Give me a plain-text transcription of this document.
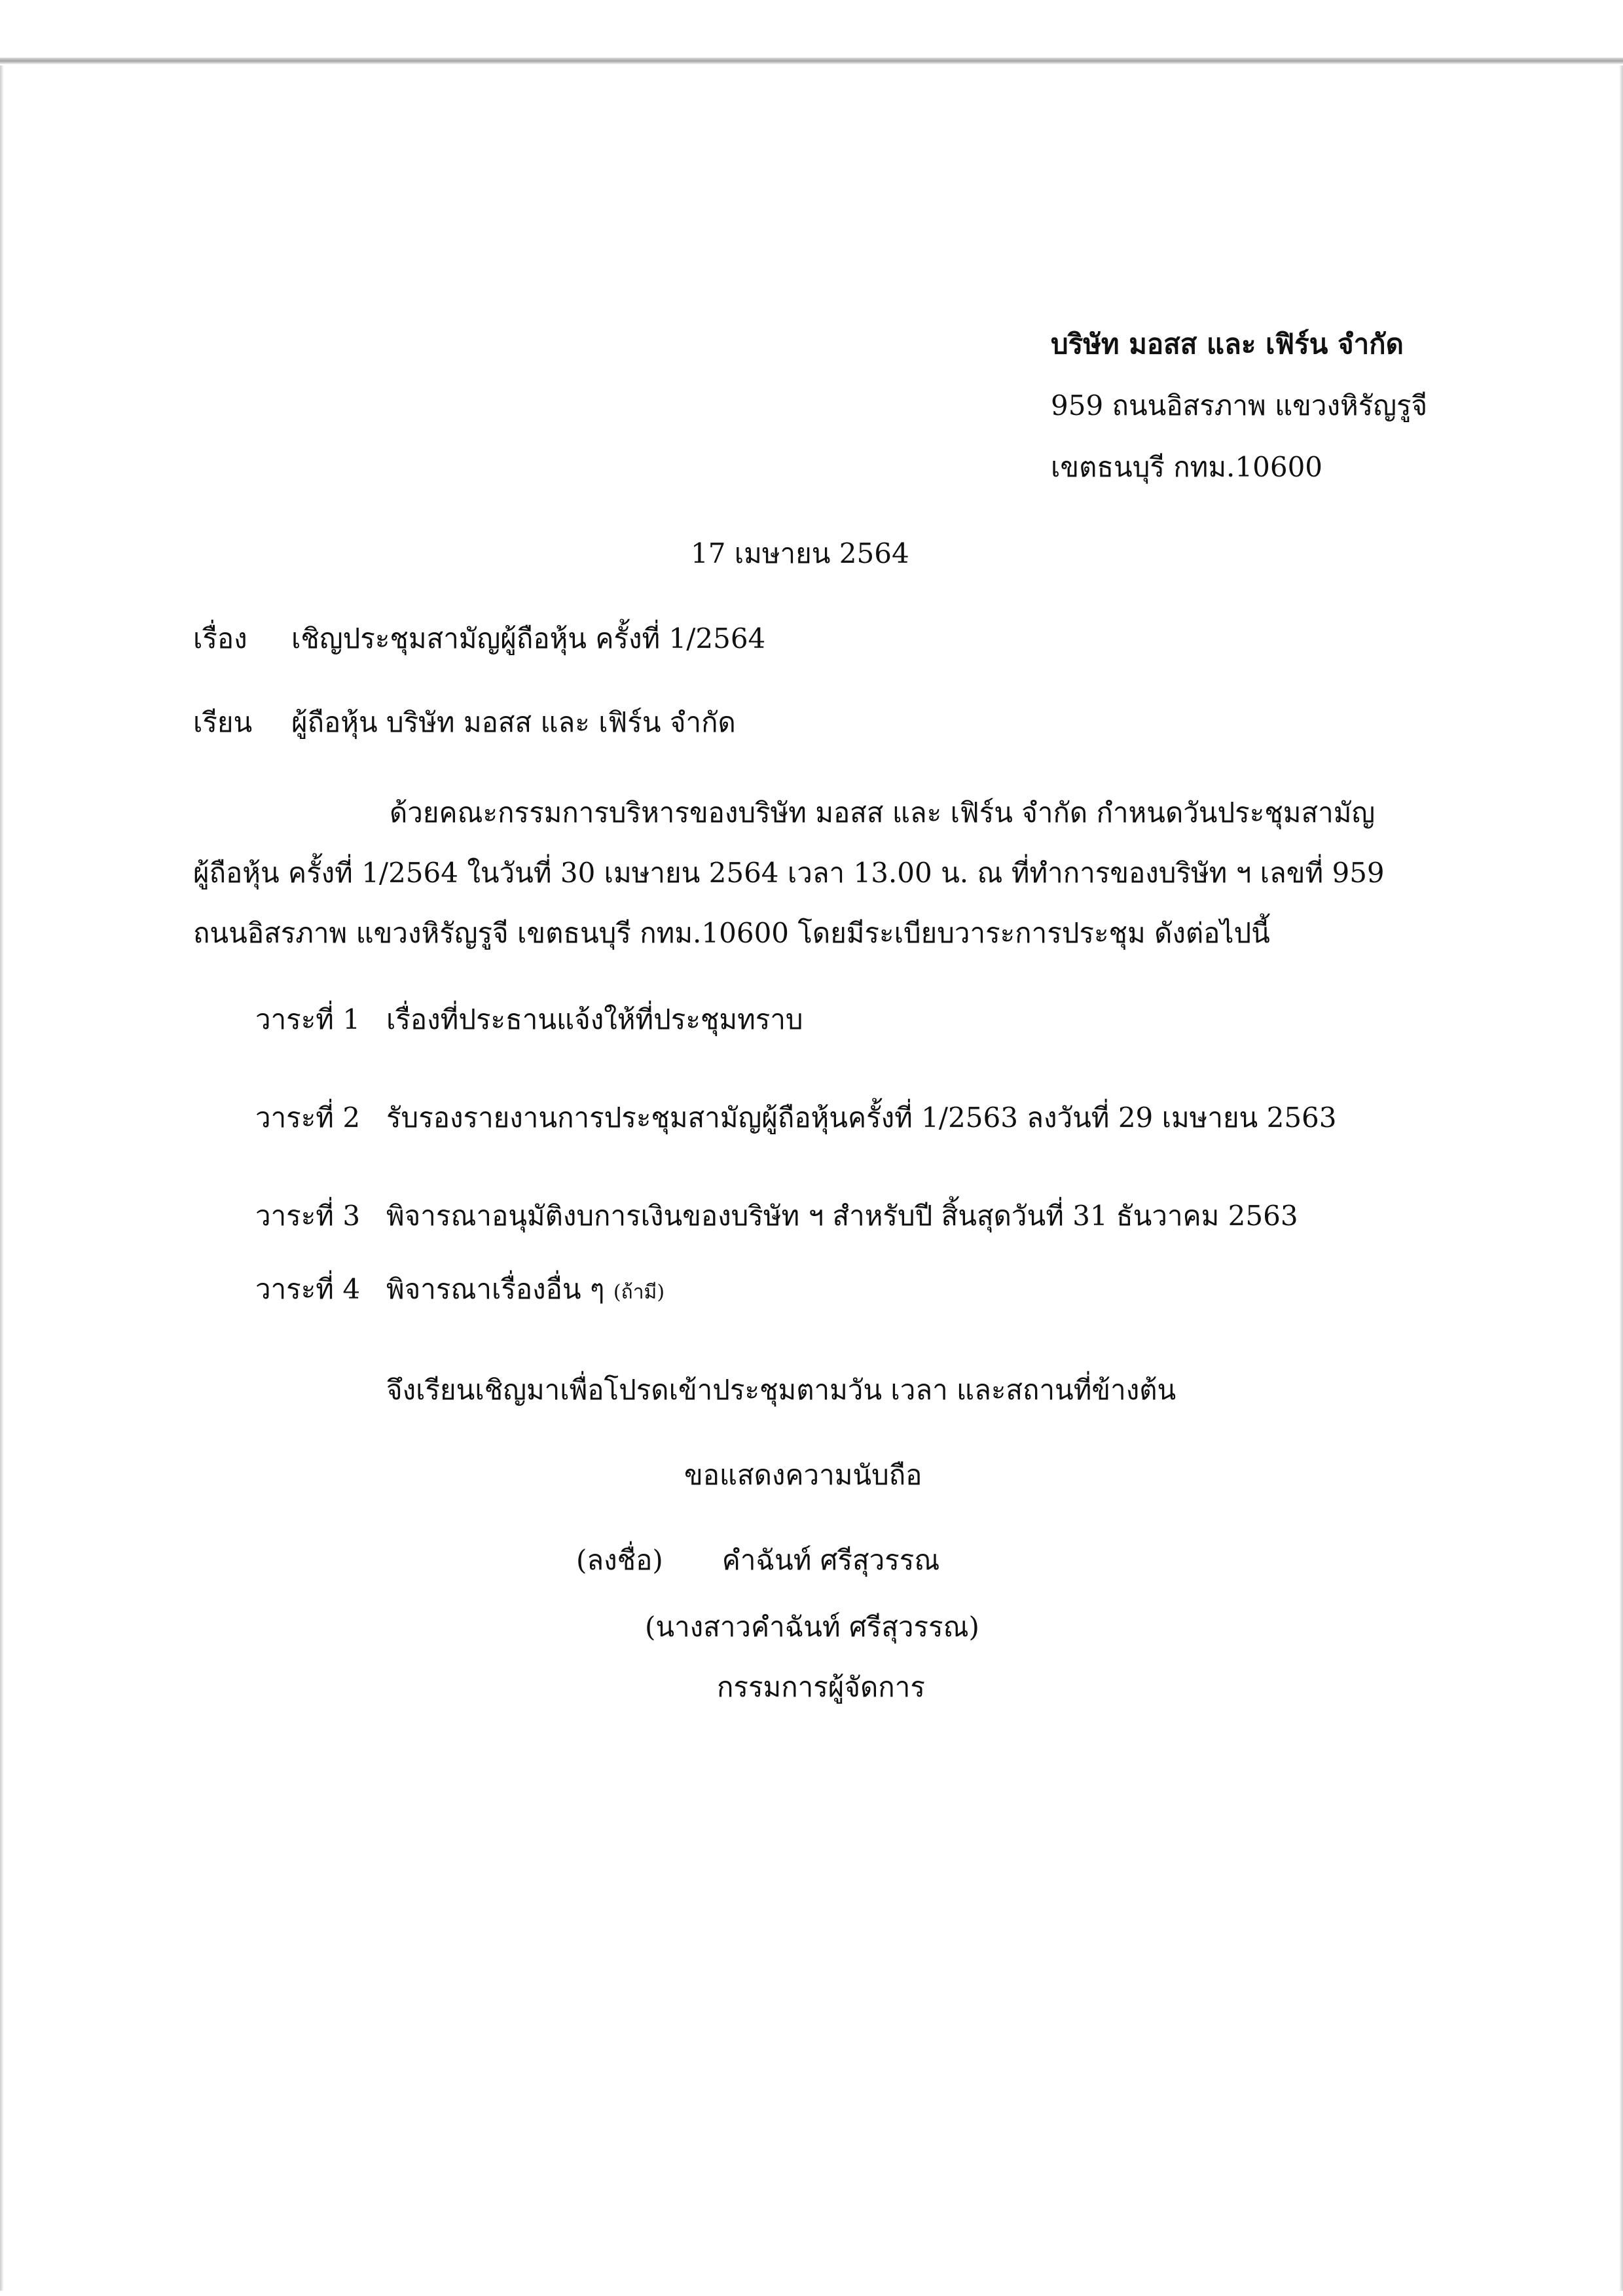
บริษัท มอสส และ เฟิร์น จำกัด
959 ถนนอิสรภาพ แขวงหิรัญรูจี
เขตธนบุรี กทม.10600
17 เมษายน 2564
เรื่อง เชิญประชุมสามัญผู้ถือหุ้น ครั้งที่ 1/2564
เรียน ผู้ถือหุ้น บริษัท มอสส และ เฟิร์น จำกัด
ด้วยคณะกรรมการบริหารของบริษัท มอสส และ เฟิร์น จำกัด กำหนดวันประชุมสามัญ
ผู้ถือหุ้น ครั้งที่ 1/2564 ในวันที่ 30 เมษายน 2564 เวลา 13.00 น. ณ ที่ทำการของบริษัท ฯ เลขที่ 959
ถนนอิสรภาพ แขวงหิรัญรูจี เขตธนบุรี กทม.10600 โดยมีระเบียบวาระการประชุม ดังต่อไปนี้
วาระที่ 1 เรื่องที่ประธานแจ้งให้ที่ประชุมทราบ
วาระที่ 2 รับรองรายงานการประชุมสามัญผู้ถือหุ้นครั้งที่ 1/2563 ลงวันที่ 29 เมษายน 2563
วาระที่ 3 พิจารณาอนุมัติงบการเงินของบริษัท ฯ สำหรับปี สิ้นสุดวันที่ 31 ธันวาคม 2563
วาระที่ 4 พิจารณาเรื่องอื่น ๆ (ถ้ามี)
จึงเรียนเชิญมาเพื่อโปรดเข้าประชุมตามวัน เวลา และสถานที่ข้างต้น
ขอแสดงความนับถือ
(ลงชื่อ) คำฉันท์ ศรีสุวรรณ
(นางสาวคำฉันท์ ศรีสุวรรณ)
กรรมการผู้จัดการ
